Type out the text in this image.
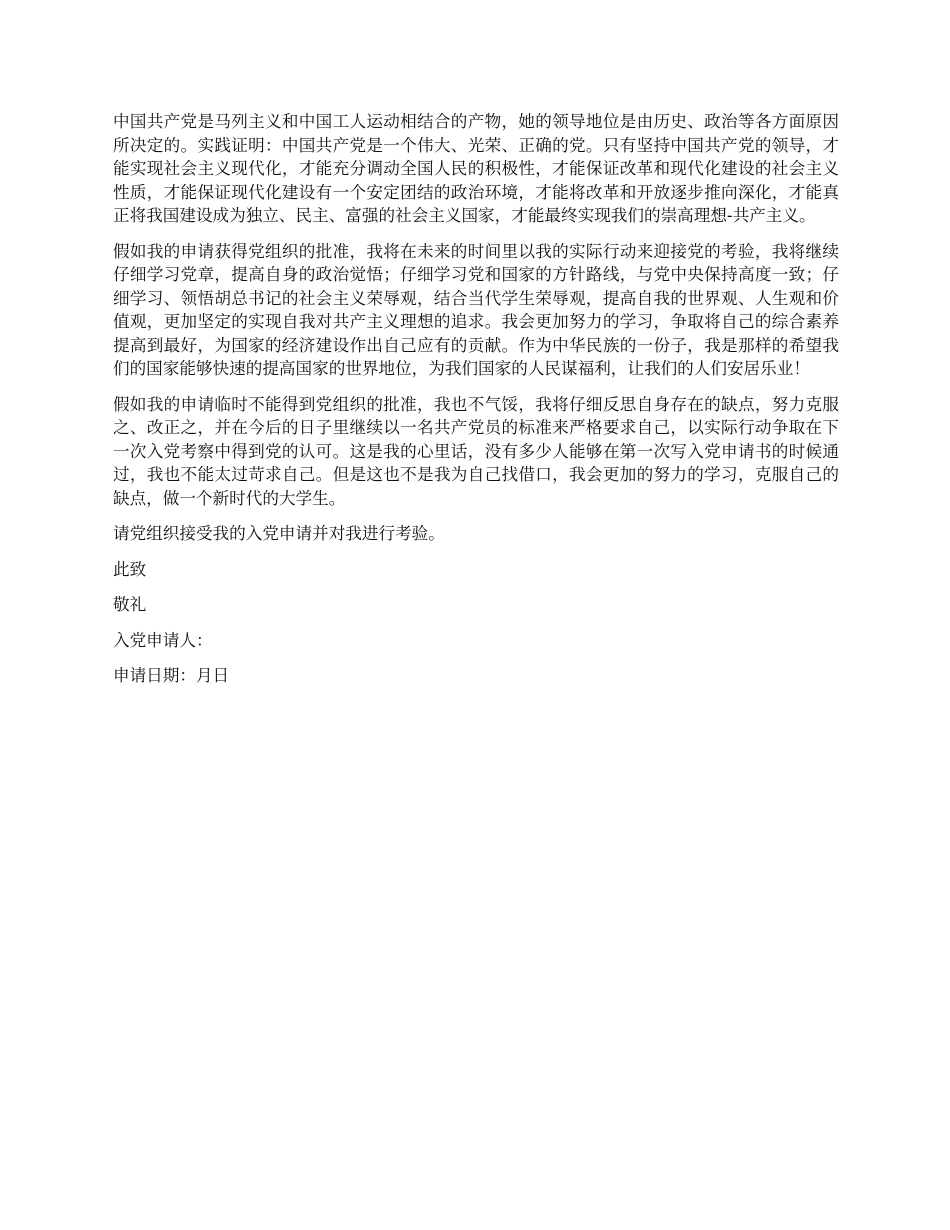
中国共产党是马列主义和中国工人运动相结合的产物，她的领导地位是由历史、政治等各方面原因所决定的。实践证明：中国共产党是一个伟大、光荣、正确的党。只有坚持中国共产党的领导，才能实现社会主义现代化，才能充分调动全国人民的积极性，才能保证改革和现代化建设的社会主义性质，才能保证现代化建设有一个安定团结的政治环境，才能将改革和开放逐步推向深化，才能真正将我国建设成为独立、民主、富强的社会主义国家，才能最终实现我们的崇高理想-共产主义。

假如我的申请获得党组织的批准，我将在未来的时间里以我的实际行动来迎接党的考验，我将继续仔细学习党章，提高自身的政治觉悟；仔细学习党和国家的方针路线，与党中央保持高度一致；仔细学习、领悟胡总书记的社会主义荣辱观，结合当代学生荣辱观，提高自我的世界观、人生观和价值观，更加坚定的实现自我对共产主义理想的追求。我会更加努力的学习，争取将自己的综合素养提高到最好，为国家的经济建设作出自己应有的贡献。作为中华民族的一份子，我是那样的希望我们的国家能够快速的提高国家的世界地位，为我们国家的人民谋福利，让我们的人们安居乐业！

假如我的申请临时不能得到党组织的批准，我也不气馁，我将仔细反思自身存在的缺点，努力克服之、改正之，并在今后的日子里继续以一名共产党员的标准来严格要求自己，以实际行动争取在下一次入党考察中得到党的认可。这是我的心里话，没有多少人能够在第一次写入党申请书的时候通过，我也不能太过苛求自己。但是这也不是我为自己找借口，我会更加的努力的学习，克服自己的缺点，做一个新时代的大学生。

请党组织接受我的入党申请并对我进行考验。

此致

敬礼

入党申请人：

申请日期：月日
